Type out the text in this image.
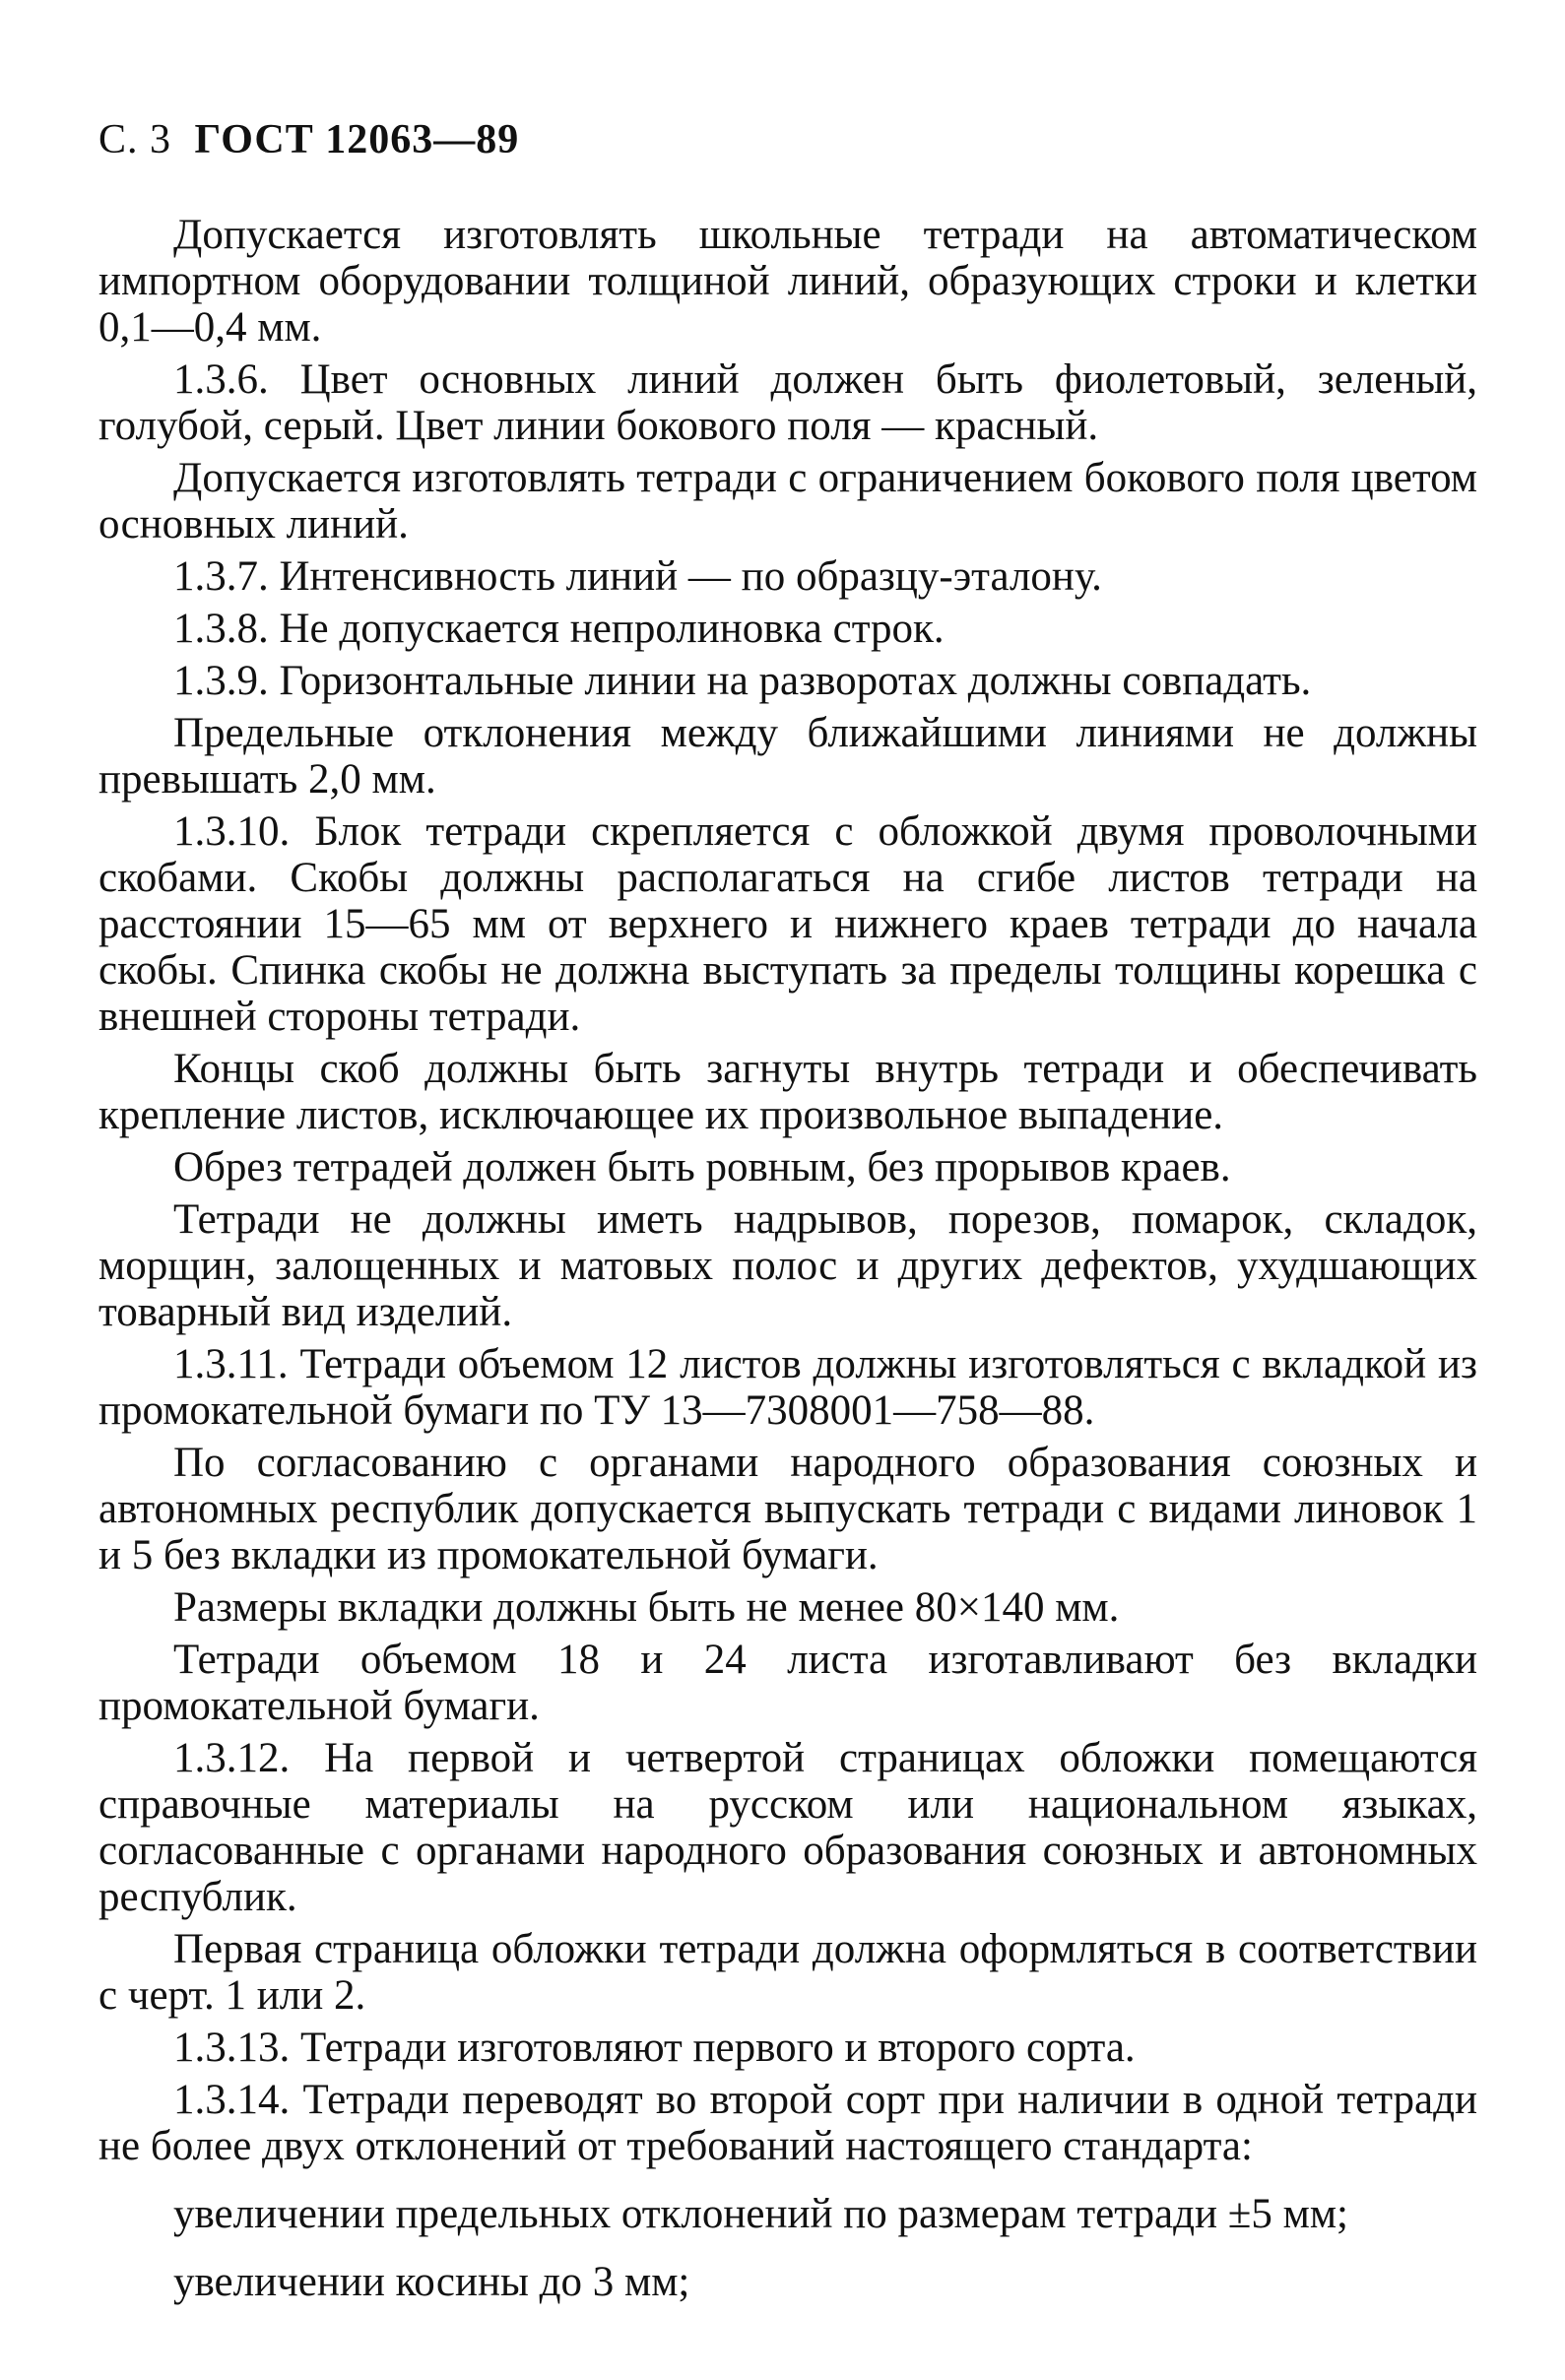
С. 3 ГОСТ 12063—89

Допускается изготовлять школьные тетради на автоматическом импортном оборудовании толщиной линий, образующих строки и клетки 0,1—0,4 мм.

1.3.6. Цвет основных линий должен быть фиолетовый, зеленый, голубой, серый. Цвет линии бокового поля — красный.

Допускается изготовлять тетради с ограничением бокового поля цветом основных линий.

1.3.7. Интенсивность линий — по образцу-эталону.

1.3.8. Не допускается непролиновка строк.

1.3.9. Горизонтальные линии на разворотах должны совпадать.

Предельные отклонения между ближайшими линиями не должны превышать 2,0 мм.

1.3.10. Блок тетради скрепляется с обложкой двумя проволочными скобами. Скобы должны располагаться на сгибе листов тетради на расстоянии 15—65 мм от верхнего и нижнего краев тетради до начала скобы. Спинка скобы не должна выступать за пределы толщины корешка с внешней стороны тетради.

Концы скоб должны быть загнуты внутрь тетради и обеспечивать крепление листов, исключающее их произвольное выпадение.

Обрез тетрадей должен быть ровным, без прорывов краев.

Тетради не должны иметь надрывов, порезов, помарок, складок, морщин, залощенных и матовых полос и других дефектов, ухудшающих товарный вид изделий.

1.3.11. Тетради объемом 12 листов должны изготовляться с вкладкой из промокательной бумаги по ТУ 13—7308001—758—88.

По согласованию с органами народного образования союзных и автономных республик допускается выпускать тетради с видами линовок 1 и 5 без вкладки из промокательной бумаги.

Размеры вкладки должны быть не менее 80×140 мм.

Тетради объемом 18 и 24 листа изготавливают без вкладки промокательной бумаги.

1.3.12. На первой и четвертой страницах обложки помещаются справочные материалы на русском или национальном языках, согласованные с органами народного образования союзных и автономных республик.

Первая страница обложки тетради должна оформляться в соответствии с черт. 1 или 2.

1.3.13. Тетради изготовляют первого и второго сорта.

1.3.14. Тетради переводят во второй сорт при наличии в одной тетради не более двух отклонений от требований настоящего стандарта:

увеличении предельных отклонений по размерам тетради ±5 мм;

увеличении косины до 3 мм;
